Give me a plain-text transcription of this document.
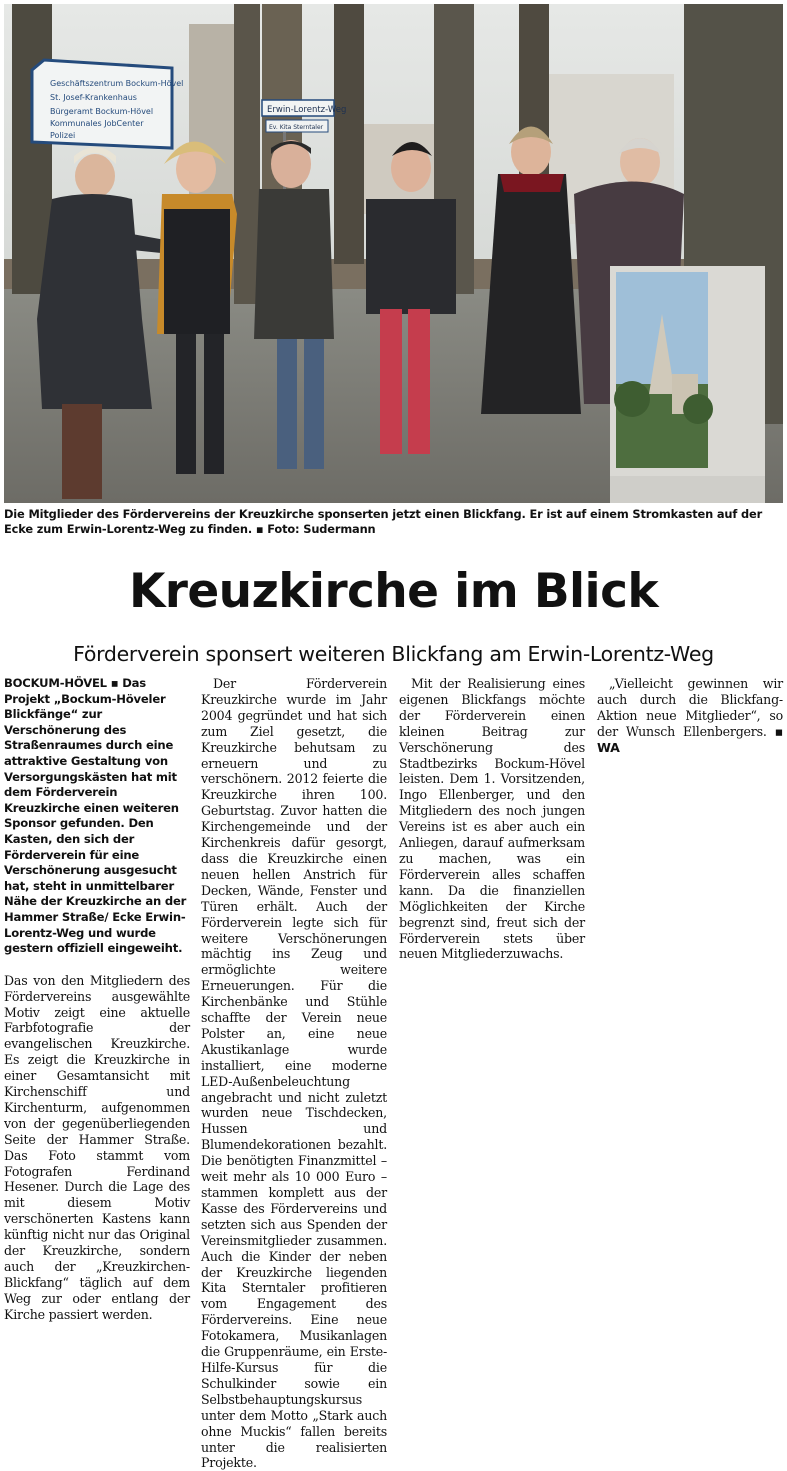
Geschäftszentrum Bockum-Hövel
St. Josef-Krankenhaus
Bürgeramt Bockum-Hövel
Kommunales JobCenter
Polizei
Erwin-Lorentz-Weg
Ev. Kita Sterntaler
Die Mitglieder des Fördervereins der Kreuzkirche sponserten jetzt einen Blickfang. Er ist auf einem Stromkasten auf der Ecke zum Erwin-Lorentz-Weg zu finden. ▪ Foto: Sudermann
Kreuzkirche im Blick
Förderverein sponsert weiteren Blickfang am Erwin-Lorentz-Weg

BOCKUM-HÖVEL ▪ Das Projekt „Bockum-Höveler Blickfänge“ zur Verschönerung des Straßenraumes durch eine attraktive Gestaltung von Versorgungskästen hat mit dem Förderverein Kreuzkirche einen weiteren Sponsor gefunden. Den Kasten, den sich der Förderverein für eine Verschönerung ausgesucht hat, steht in unmittelbarer Nähe der Kreuzkirche an der Hammer Straße/ Ecke Erwin-Lorentz-Weg und wurde gestern offiziell eingeweiht.

Das von den Mitgliedern des Fördervereins ausgewählte Motiv zeigt eine aktuelle Farbfotografie der evangelischen Kreuzkirche. Es zeigt die Kreuzkirche in einer Gesamtansicht mit Kirchenschiff und Kirchenturm, aufgenommen von der gegenüberliegenden Seite der Hammer Straße. Das Foto stammt vom Fotografen Ferdinand Hesener. Durch die Lage des mit diesem Motiv verschönerten Kastens kann künftig nicht nur das Original der Kreuzkirche, sondern auch der „Kreuzkirchen-Blickfang“ täglich auf dem Weg zur oder entlang der Kirche passiert werden.

Der Förderverein Kreuzkirche wurde im Jahr 2004 gegründet und hat sich zum Ziel gesetzt, die Kreuzkirche behutsam zu erneuern und zu verschönern. 2012 feierte die Kreuzkirche ihren 100. Geburtstag. Zuvor hatten die Kirchengemeinde und der Kirchenkreis dafür gesorgt, dass die Kreuzkirche einen neuen hellen Anstrich für Decken, Wände, Fenster und Türen erhält. Auch der Förderverein legte sich für weitere Verschönerungen mächtig ins Zeug und ermöglichte weitere Erneuerungen. Für die Kirchenbänke und Stühle schaffte der Verein neue Polster an, eine neue Akustikanlage wurde installiert, eine moderne LED-Außenbeleuchtung angebracht und nicht zuletzt wurden neue Tischdecken, Hussen und Blumendekorationen bezahlt. Die benötigten Finanzmittel – weit mehr als 10 000 Euro – stammen komplett aus der Kasse des Fördervereins und setzten sich aus Spenden der Vereinsmitglieder zusammen. Auch die Kinder der neben der Kreuzkirche liegenden Kita Sterntaler profitieren vom Engagement des Fördervereins. Eine neue Fotokamera, Musikanlagen die Gruppenräume, ein Erste-Hilfe-Kursus für die Schulkinder sowie ein Selbstbehauptungskursus unter dem Motto „Stark auch ohne Muckis“ fallen bereits unter die realisierten Projekte.

Mit der Realisierung eines eigenen Blickfangs möchte der Förderverein einen kleinen Beitrag zur Verschönerung des Stadtbezirks Bockum-Hövel leisten. Dem 1. Vorsitzenden, Ingo Ellenberger, und den Mitgliedern des noch jungen Vereins ist es aber auch ein Anliegen, darauf aufmerksam zu machen, was ein Förderverein alles schaffen kann. Da die finanziellen Möglichkeiten der Kirche begrenzt sind, freut sich der Förderverein stets über neuen Mitgliederzuwachs.

„Vielleicht gewinnen wir auch durch die Blickfang-Aktion neue Mitglieder“, so der Wunsch Ellenbergers. ▪ WA
